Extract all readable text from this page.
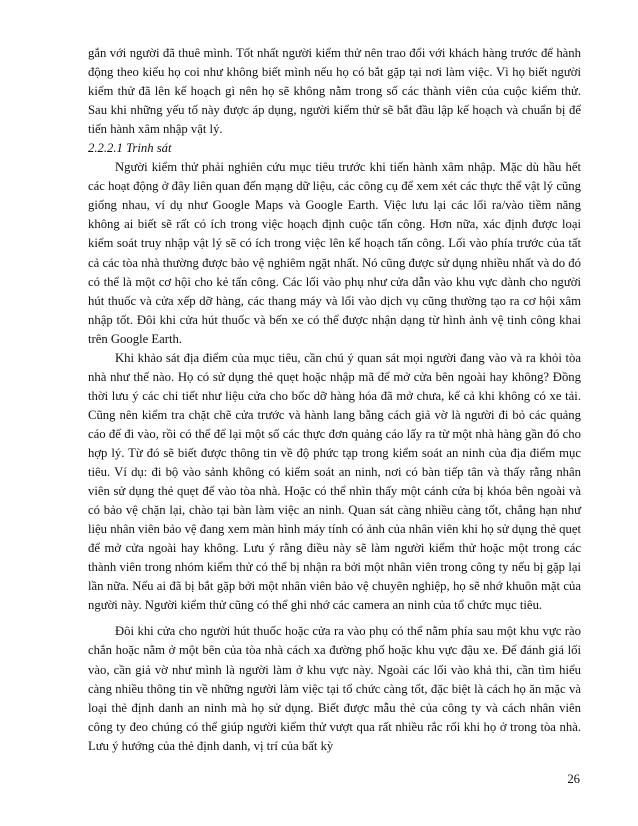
gắn với người đã thuê mình. Tốt nhất người kiểm thử nên trao đổi với khách hàng trước để hành động theo kiểu họ coi như không biết mình nếu họ có bắt gặp tại nơi làm việc. Vì họ biết người kiểm thử đã lên kế hoạch gì nên họ sẽ không nằm trong số các thành viên của cuộc kiểm thử. Sau khi những yếu tố này được áp dụng, người kiểm thử sẽ bắt đầu lập kế hoạch và chuẩn bị để tiến hành xâm nhập vật lý.

2.2.2.1 Trinh sát

Người kiểm thử phải nghiên cứu mục tiêu trước khi tiến hành xâm nhập. Mặc dù hầu hết các hoạt động ở đây liên quan đến mạng dữ liệu, các công cụ để xem xét các thực thể vật lý cũng giống nhau, ví dụ như Google Maps và Google Earth. Việc lưu lại các lối ra/vào tiềm năng không ai biết sẽ rất có ích trong việc hoạch định cuộc tấn công. Hơn nữa, xác định được loại kiểm soát truy nhập vật lý sẽ có ích trong việc lên kế hoạch tấn công. Lối vào phía trước của tất cả các tòa nhà thường được bảo vệ nghiêm ngặt nhất. Nó cũng được sử dụng nhiều nhất và do đó có thể là một cơ hội cho kẻ tấn công. Các lối vào phụ như cửa dẫn vào khu vực dành cho người hút thuốc và cửa xếp dỡ hàng, các thang máy và lối vào dịch vụ cũng thường tạo ra cơ hội xâm nhập tốt. Đôi khi cửa hút thuốc và bến xe có thể được nhận dạng từ hình ảnh vệ tinh công khai trên Google Earth.

Khi khảo sát địa điểm của mục tiêu, cần chú ý quan sát mọi người đang vào và ra khỏi tòa nhà như thế nào. Họ có sử dụng thẻ quẹt hoặc nhập mã để mở cửa bên ngoài hay không? Đồng thời lưu ý các chi tiết như liệu cửa cho bốc dỡ hàng hóa đã mở chưa, kể cả khi không có xe tải. Cũng nên kiểm tra chặt chẽ cửa trước và hành lang bằng cách giả vờ là người đi bỏ các quảng cáo để đi vào, rồi có thể để lại một số các thực đơn quảng cáo lấy ra từ một nhà hàng gần đó cho hợp lý. Từ đó sẽ biết được thông tin về độ phức tạp trong kiểm soát an ninh của địa điểm mục tiêu. Ví dụ: đi bộ vào sảnh không có kiểm soát an ninh, nơi có bàn tiếp tân và thấy rằng nhân viên sử dụng thẻ quẹt để vào tòa nhà. Hoặc có thể nhìn thấy một cánh cửa bị khóa bên ngoài và có bảo vệ chặn lại, chào tại bàn làm việc an ninh. Quan sát càng nhiều càng tốt, chẳng hạn như liệu nhân viên bảo vệ đang xem màn hình máy tính có ảnh của nhân viên khi họ sử dụng thẻ quẹt để mở cửa ngoài hay không. Lưu ý rằng điều này sẽ làm người kiểm thử hoặc một trong các thành viên trong nhóm kiểm thử có thể bị nhận ra bởi một nhân viên trong công ty nếu bị gặp lại lần nữa. Nếu ai đã bị bắt gặp bởi một nhân viên bảo vệ chuyên nghiệp, họ sẽ nhớ khuôn mặt của người này. Người kiểm thử cũng có thể ghi nhớ các camera an ninh của tổ chức mục tiêu.

Đôi khi cửa cho người hút thuốc hoặc cửa ra vào phụ có thể nằm phía sau một khu vực rào chắn hoặc nằm ở một bên của tòa nhà cách xa đường phố hoặc khu vực đậu xe. Để đánh giá lối vào, cần giả vờ như mình là người làm ở khu vực này. Ngoài các lối vào khả thi, cần tìm hiểu càng nhiều thông tin về những người làm việc tại tổ chức càng tốt, đặc biệt là cách họ ăn mặc và loại thẻ định danh an ninh mà họ sử dụng. Biết được mẫu thẻ của công ty và cách nhân viên công ty đeo chúng có thể giúp người kiểm thử vượt qua rất nhiều rắc rối khi họ ở trong tòa nhà. Lưu ý hướng của thẻ định danh, vị trí của bất kỳ

26
